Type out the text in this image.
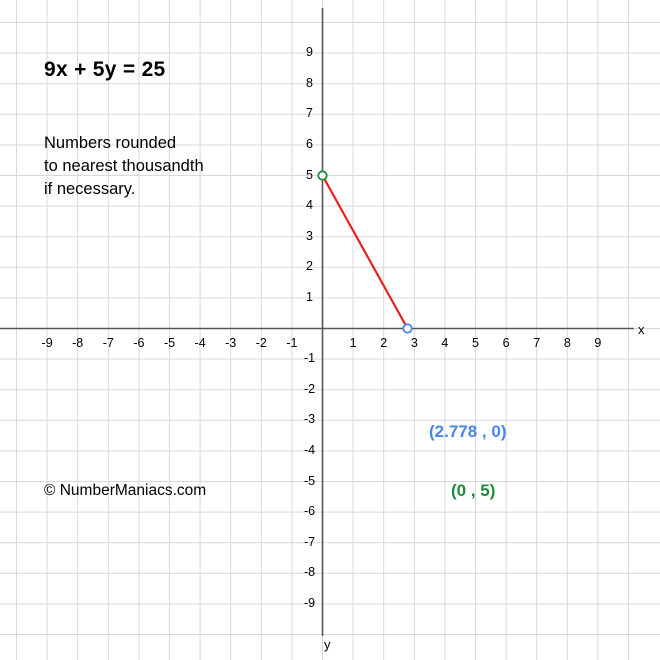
-9	-8	-7	-6	-5	-4	-3	-2	-1	1	2	3	4	5	6	7	8	9
-9
-8
-7
-6
-5
-4
-3
-2
-1
1
2
3
4
5
6
7
8
9
9x + 5y = 25
Numbers rounded
to nearest thousandth
if necessary.
© NumberManiacs.com
(2.778 , 0)
(0 , 5)
x
y
